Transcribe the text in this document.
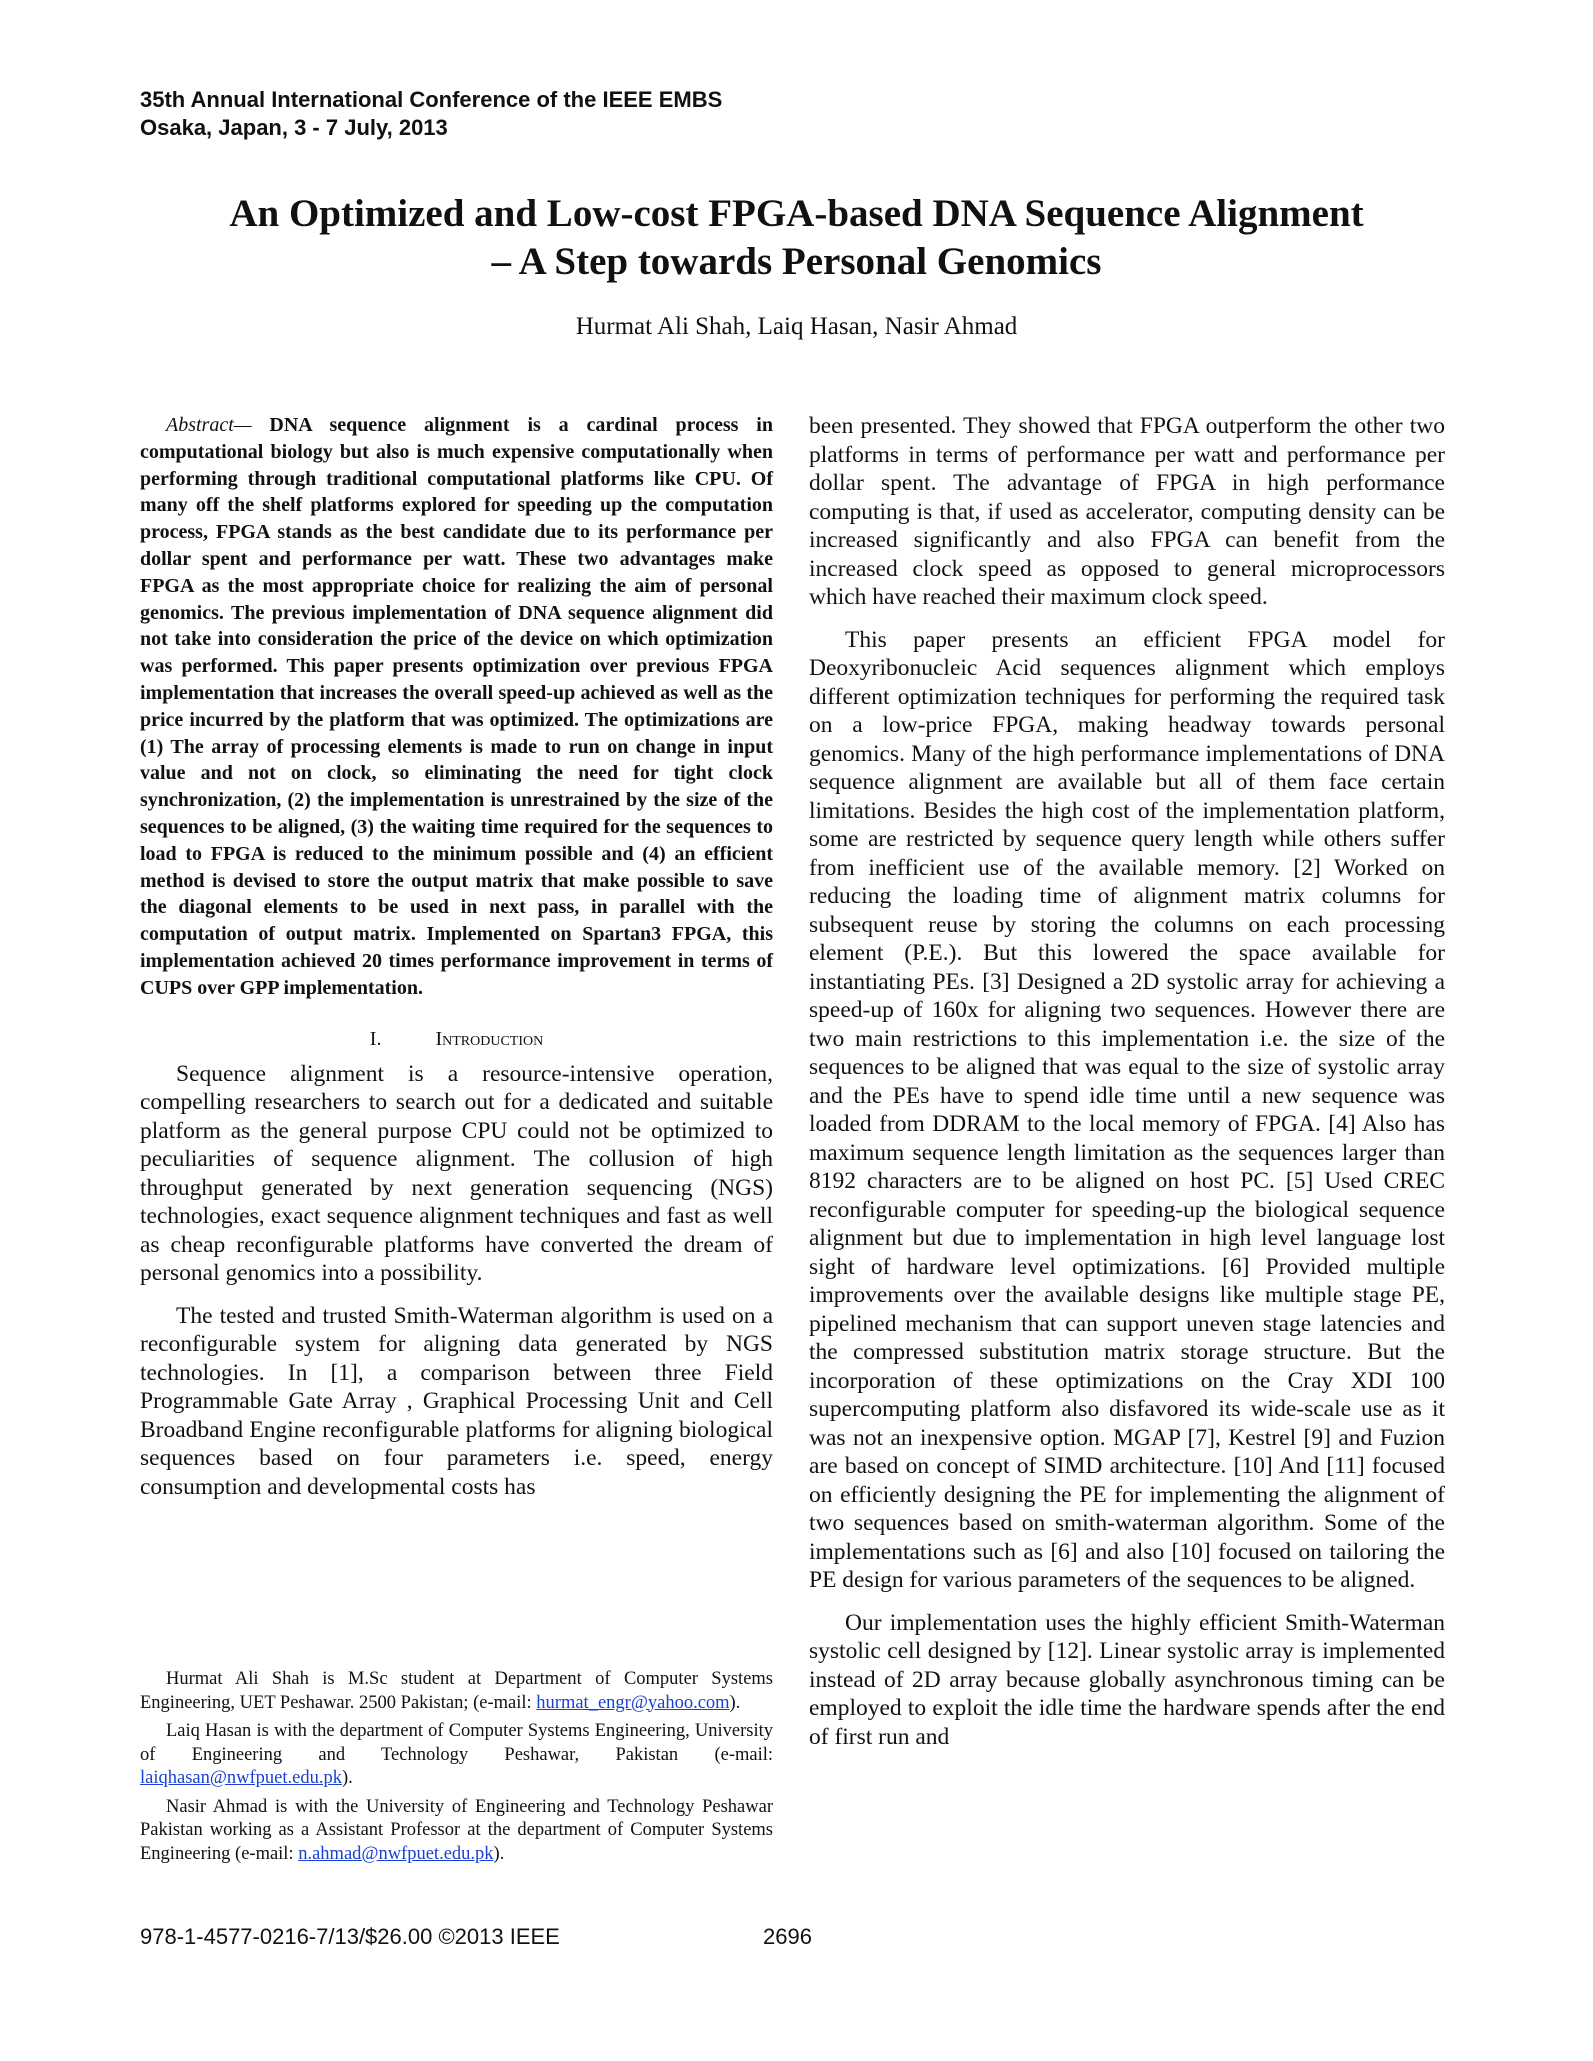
35th Annual International Conference of the IEEE EMBS
Osaka, Japan, 3 - 7 July, 2013
An Optimized and Low-cost FPGA-based DNA Sequence Alignment
– A Step towards Personal Genomics
Hurmat Ali Shah, Laiq Hasan, Nasir Ahmad

Abstract— DNA sequence alignment is a cardinal process in computational biology but also is much expensive computationally when performing through traditional computational platforms like CPU. Of many off the shelf platforms explored for speeding up the computation process, FPGA stands as the best candidate due to its performance per dollar spent and performance per watt. These two advantages make FPGA as the most appropriate choice for realizing the aim of personal genomics. The previous implementation of DNA sequence alignment did not take into consideration the price of the device on which optimization was performed. This paper presents optimization over previous FPGA implementation that increases the overall speed-up achieved as well as the price incurred by the platform that was optimized. The optimizations are (1) The array of processing elements is made to run on change in input value and not on clock, so eliminating the need for tight clock synchronization, (2) the implementation is unrestrained by the size of the sequences to be aligned, (3) the waiting time required for the sequences to load to FPGA is reduced to the minimum possible and (4) an efficient method is devised to store the output matrix that make possible to save the diagonal elements to be used in next pass, in parallel with the computation of output matrix. Implemented on Spartan3 FPGA, this implementation achieved 20 times performance improvement in terms of CUPS over GPP implementation.

I.	Introduction

Sequence alignment is a resource-intensive operation, compelling researchers to search out for a dedicated and suitable platform as the general purpose CPU could not be optimized to peculiarities of sequence alignment. The collusion of high throughput generated by next generation sequencing (NGS) technologies, exact sequence alignment techniques and fast as well as cheap reconfigurable platforms have converted the dream of personal genomics into a possibility.

The tested and trusted Smith-Waterman algorithm is used on a reconfigurable system for aligning data generated by NGS technologies. In [1], a comparison between three Field Programmable Gate Array , Graphical Processing Unit and Cell Broadband Engine reconfigurable platforms for aligning biological sequences based on four parameters i.e. speed, energy consumption and developmental costs has

been presented. They showed that FPGA outperform the other two platforms in terms of performance per watt and performance per dollar spent. The advantage of FPGA in high performance computing is that, if used as accelerator, computing density can be increased significantly and also FPGA can benefit from the increased clock speed as opposed to general microprocessors which have reached their maximum clock speed.

This paper presents an efficient FPGA model for Deoxyribonucleic Acid sequences alignment which employs different optimization techniques for performing the required task on a low-price FPGA, making headway towards personal genomics. Many of the high performance implementations of DNA sequence alignment are available but all of them face certain limitations. Besides the high cost of the implementation platform, some are restricted by sequence query length while others suffer from inefficient use of the available memory. [2] Worked on reducing the loading time of alignment matrix columns for subsequent reuse by storing the columns on each processing element (P.E.). But this lowered the space available for instantiating PEs. [3] Designed a 2D systolic array for achieving a speed-up of 160x for aligning two sequences. However there are two main restrictions to this implementation i.e. the size of the sequences to be aligned that was equal to the size of systolic array and the PEs have to spend idle time until a new sequence was loaded from DDRAM to the local memory of FPGA. [4] Also has maximum sequence length limitation as the sequences larger than 8192 characters are to be aligned on host PC. [5] Used CREC reconfigurable computer for speeding-up the biological sequence alignment but due to implementation in high level language lost sight of hardware level optimizations. [6] Provided multiple improvements over the available designs like multiple stage PE, pipelined mechanism that can support uneven stage latencies and the compressed substitution matrix storage structure. But the incorporation of these optimizations on the Cray XDI 100 supercomputing platform also disfavored its wide-scale use as it was not an inexpensive option. MGAP [7], Kestrel [9] and Fuzion are based on concept of SIMD architecture. [10] And [11] focused on efficiently designing the PE for implementing the alignment of two sequences based on smith-waterman algorithm. Some of the implementations such as [6] and also [10] focused on tailoring the PE design for various parameters of the sequences to be aligned.

Our implementation uses the highly efficient Smith-Waterman systolic cell designed by [12]. Linear systolic array is implemented instead of 2D array because globally asynchronous timing can be employed to exploit the idle time the hardware spends after the end of first run and

Hurmat Ali Shah is M.Sc student at Department of Computer Systems Engineering, UET Peshawar. 2500 Pakistan; (e-mail: hurmat_engr@yahoo.com).

Laiq Hasan is with the department of Computer Systems Engineering, University of Engineering and Technology Peshawar, Pakistan (e-mail: laiqhasan@nwfpuet.edu.pk).

Nasir Ahmad is with the University of Engineering and Technology Peshawar Pakistan working as a Assistant Professor at the department of Computer Systems Engineering (e-mail: n.ahmad@nwfpuet.edu.pk).

978-1-4577-0216-7/13/$26.00 ©2013 IEEE	2696
